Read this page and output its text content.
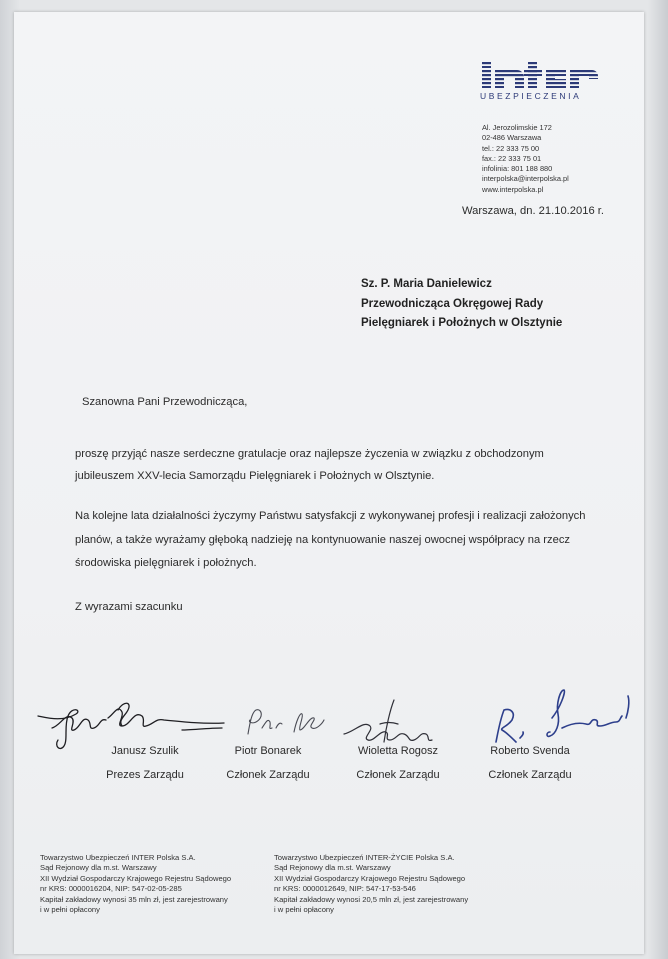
UBEZPIECZENIA
Al. Jerozolimskie 172
02-486 Warszawa
tel.: 22 333 75 00
fax.: 22 333 75 01
infolinia: 801 188 880
interpolska@interpolska.pl
www.interpolska.pl
Warszawa, dn. 21.10.2016 r.
Sz. P. Maria Danielewicz
Przewodnicząca Okręgowej Rady
Pielęgniarek i Położnych w Olsztynie
Szanowna Pani Przewodnicząca,
proszę przyjąć nasze serdeczne gratulacje oraz najlepsze życzenia w związku z obchodzonym
jubileuszem XXV-lecia Samorządu Pielęgniarek i Położnych w Olsztynie.
Na kolejne lata działalności życzymy Państwu satysfakcji z wykonywanej profesji i realizacji założonych
planów, a także wyrażamy głęboką nadzieję na kontynuowanie naszej owocnej współpracy na rzecz
środowiska pielęgniarek i położnych.
Z wyrazami szacunku
Janusz Szulik
Prezes Zarządu
Piotr Bonarek
Członek Zarządu
Wioletta Rogosz
Członek Zarządu
Roberto Svenda
Członek Zarządu
Towarzystwo Ubezpieczeń INTER Polska S.A.
Sąd Rejonowy dla m.st. Warszawy
XII Wydział Gospodarczy Krajowego Rejestru Sądowego
nr KRS: 0000016204, NIP: 547-02-05-285
Kapitał zakładowy wynosi 35 mln zł, jest zarejestrowany
i w pełni opłacony
Towarzystwo Ubezpieczeń INTER-ŻYCIE Polska S.A.
Sąd Rejonowy dla m.st. Warszawy
XII Wydział Gospodarczy Krajowego Rejestru Sądowego
nr KRS: 0000012649, NIP: 547-17-53-546
Kapitał zakładowy wynosi 20,5 mln zł, jest zarejestrowany
i w pełni opłacony
